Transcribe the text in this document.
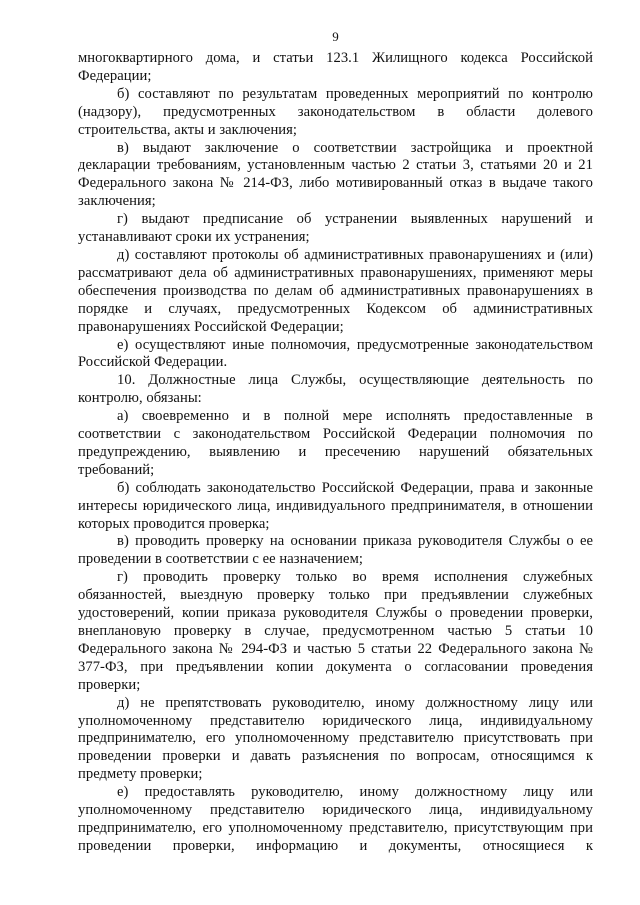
9

многоквартирного дома, и статьи 123.1 Жилищного кодекса Российской Федерации;

б) составляют по результатам проведенных мероприятий по контролю (надзору), предусмотренных законодательством в области долевого строительства, акты и заключения;

в) выдают заключение о соответствии застройщика и проектной декларации требованиям, установленным частью 2 статьи 3, статьями 20 и 21 Федерального закона № 214-ФЗ, либо мотивированный отказ в выдаче такого заключения;

г) выдают предписание об устранении выявленных нарушений и устанавливают сроки их устранения;

д) составляют протоколы об административных правонарушениях и (или) рассматривают дела об административных правонарушениях, применяют меры обеспечения производства по делам об административных правонарушениях в порядке и случаях, предусмотренных Кодексом об административных правонарушениях Российской Федерации;

е) осуществляют иные полномочия, предусмотренные законодательством Российской Федерации.

10. Должностные лица Службы, осуществляющие деятельность по контролю, обязаны:

а) своевременно и в полной мере исполнять предоставленные в соответствии с законодательством Российской Федерации полномочия по предупреждению, выявлению и пресечению нарушений обязательных требований;

б) соблюдать законодательство Российской Федерации, права и законные интересы юридического лица, индивидуального предпринимателя, в отношении которых проводится проверка;

в) проводить проверку на основании приказа руководителя Службы о ее проведении в соответствии с ее назначением;

г) проводить проверку только во время исполнения служебных обязанностей, выездную проверку только при предъявлении служебных удостоверений, копии приказа руководителя Службы о проведении проверки, внеплановую проверку в случае, предусмотренном частью 5 статьи 10 Федерального закона № 294-ФЗ и частью 5 статьи 22 Федерального закона № 377-ФЗ, при предъявлении копии документа о согласовании проведения проверки;

д) не препятствовать руководителю, иному должностному лицу или уполномоченному представителю юридического лица, индивидуальному предпринимателю, его уполномоченному представителю присутствовать при проведении проверки и давать разъяснения по вопросам, относящимся к предмету проверки;

е) предоставлять руководителю, иному должностному лицу или уполномоченному представителю юридического лица, индивидуальному предпринимателю, его уполномоченному представителю, присутствующим при проведении проверки, информацию и документы, относящиеся к
